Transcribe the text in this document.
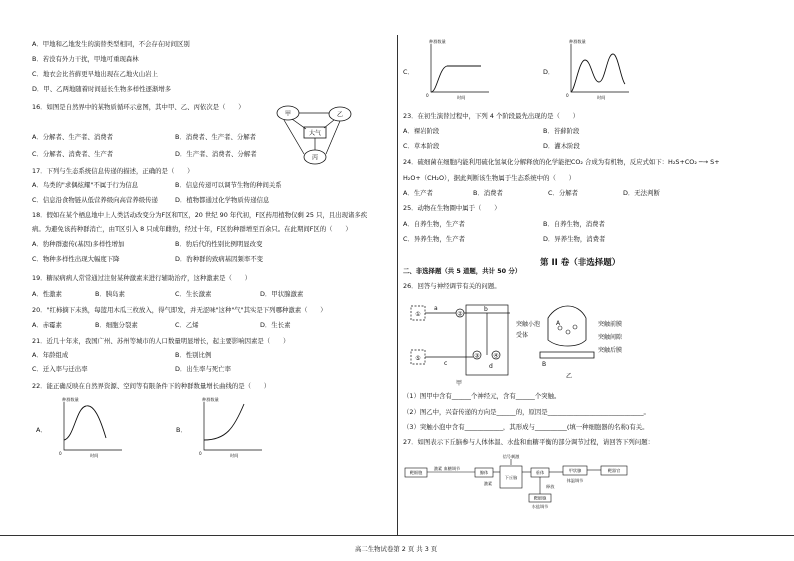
A．甲地和乙地发生的演替类型相同，不会存在时间区别
B．若没有外力干扰，甲地可重现森林
C．地衣会比苔藓更早地出现在乙地火山岩上
D．甲、乙两地随着时间延长生物多样性逐渐增多
16．如图是自然界中的某物质循环示意图，其中甲、乙、丙依次是（　　）
A．分解者、生产者、消费者	B．消费者、生产者、分解者
C．分解者、消费者、生产者	D．生产者、消费者、分解者
17．下列与生态系统信息传递的描述，正确的是（　　）
A．鸟类的"求偶炫耀"不属于行为信息	B．信息传递可以调节生物的种间关系
C．信息沿食物链从低营养级向高营养级传递	D．植物都通过化学物质传递信息
18．假如在某个栖息地中上人类活动改变分为F区和T区，20 世纪 90 年代初，F区药用植物仅剩 25 只，且出现诸多疾
病。为避免该药种群消亡，由T区引入 8 只成年雌豹，经过十年，F区豹种群增至百余只。在此期间F区的（　　）
A．豹种群遗传(基因)多样性增加	B．豹后代的性别比例明显改变
C．物种多样性出现大幅度下降	D．豹种群的致病基因频率不变
19．糖尿病病人常常通过注射某种激素来进行辅助治疗，这种激素是（　　）
A．性激素	B．胰岛素	C．生长激素	D．甲状腺激素
20．"红柿摘下未熟，每篮用木瓜三枚放入，得气即发，并无涩味"这种"气"其实是下列哪种激素（　　）
A．赤霉素	B．细胞分裂素	C．乙烯	D．生长素
21．近几十年来，我国广州、苏州等城市的人口数量明显增长，起主要影响因素是（　　）
A．年龄组成	B．性别比例
C．迁入率与迁出率	D．出生率与死亡率
22．能正确反映在自然界资源、空间等有限条件下的种群数量增长曲线的是（　　）
23．在初生演替过程中，下列 4 个阶段最先出现的是（　　）
A．裸岩阶段	B．苔藓阶段
C．草本阶段	D．灌木阶段
24．硫细菌在细胞内能利用硫化氢氧化分解释放的化学能把CO₂ 合成为有机物，反应式如下：H₂S+CO₂ ─→ S+
H₂O+（CH₂O），据此判断该生物属于生态系统中的（　　）
A．生产者	B．消费者	C．分解者	D．无法判断
25．动物在生物圈中属于（　　）
A．自养生物，生产者	B．自养生物，消费者
C．异养生物，生产者	D．异养生物，消费者
二、非选择题（共 5 道题，共计 50 分）
26．回答与神经调节有关的问题。
（1）图甲中含有______个神经元，含有______个突触。
（2）图乙中，兴奋传递的方向是______的，原因是______________________________。
（3）突触小泡中含有____________，其形成与__________(填一种细胞器的名称)有关。
27．如图表示下丘脑参与人体体温、水盐和血糖平衡的部分调节过程，请回答下列问题：
第 II 卷（非选择题）
甲	乙
丙
大气
A．
种群数量
时间
0
B．
种群数量
时间
0
C．
种群数量
时间
0
D．
种群数量
时间
0
①
⑤
a
②
b
③ ④
c	d
甲
突触小泡
受体
A
B
乙
突触前膜
突触间隙
突触后膜
信号刺激
靶细胞
激素 血糖调节
腺体
下丘脑
垂体	甲状腺
体温调节
靶器官
激素
释放
靶细胞
水盐调节
高二生物试卷第 2 页 共 3 页
